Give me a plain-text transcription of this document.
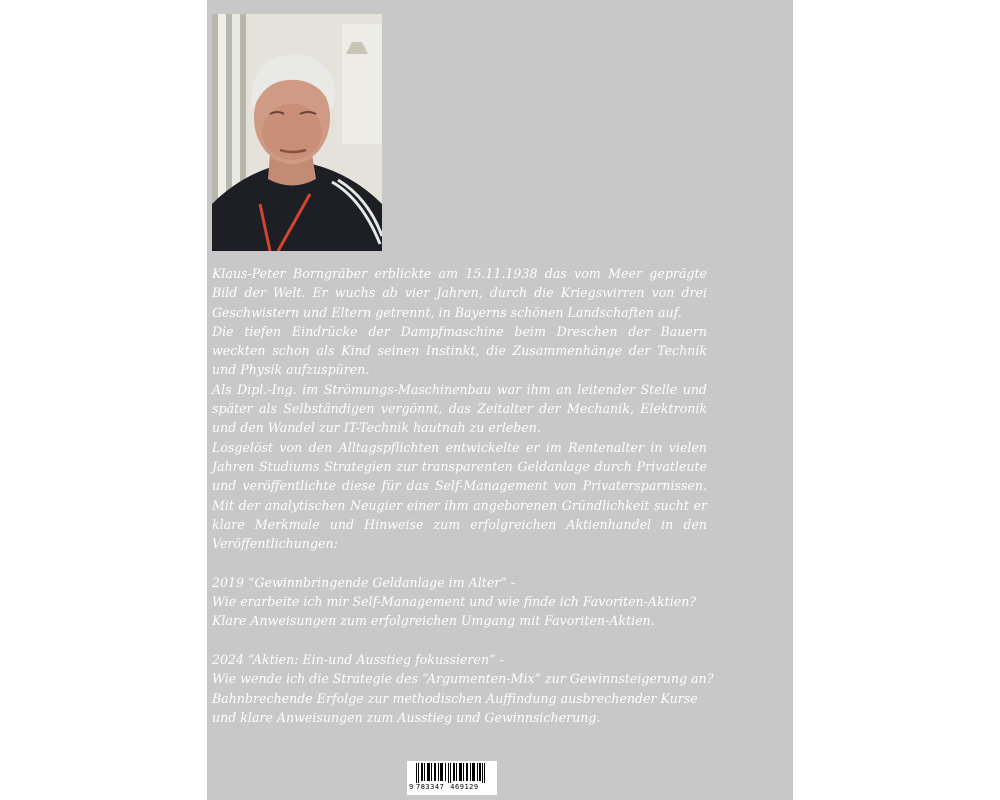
Klaus-Peter Borngräber erblickte am 15.11.1938 das vom Meer geprägte Bild der Welt. Er wuchs ab vier Jahren, durch die Kriegswirren von drei Geschwistern und Eltern getrennt, in Bayerns schönen Landschaften auf.

Die tiefen Eindrücke der Dampfmaschine beim Dreschen der Bauern weckten schon als Kind seinen Instinkt, die Zusammenhänge der Technik und Physik aufzuspüren.

Als Dipl.-Ing. im Strömungs-Maschinenbau war ihm an leitender Stelle und später als Selbständigen vergönnt, das Zeitalter der Mechanik, Elektronik und den Wandel zur IT-Technik hautnah zu erleben.

Losgelöst von den Alltagspflichten entwickelte er im Rentenalter in vielen Jahren Studiums Strategien zur transparenten Geldanlage durch Privatleute und veröffentlichte diese für das Self-Management von Privatersparnissen. Mit der analytischen Neugier einer ihm angeborenen Gründlichkeit sucht er klare Merkmale und Hinweise zum erfolgreichen Aktienhandel in den Veröffentlichungen:

2019 “Gewinnbringende Geldanlage im Alter” -
Wie erarbeite ich mir Self-Management und wie finde ich Favoriten-Aktien?
Klare Anweisungen zum erfolgreichen Umgang mit Favoriten-Aktien.
2024 “Aktien: Ein-und Ausstieg fokussieren” -
Wie wende ich die Strategie des “Argumenten-Mix” zur Gewinnsteigerung an?
Bahnbrechende Erfolge zur methodischen Auffindung ausbrechender Kurse
und klare Anweisungen zum Ausstieg und Gewinnsicherung.
9 783347 469129
